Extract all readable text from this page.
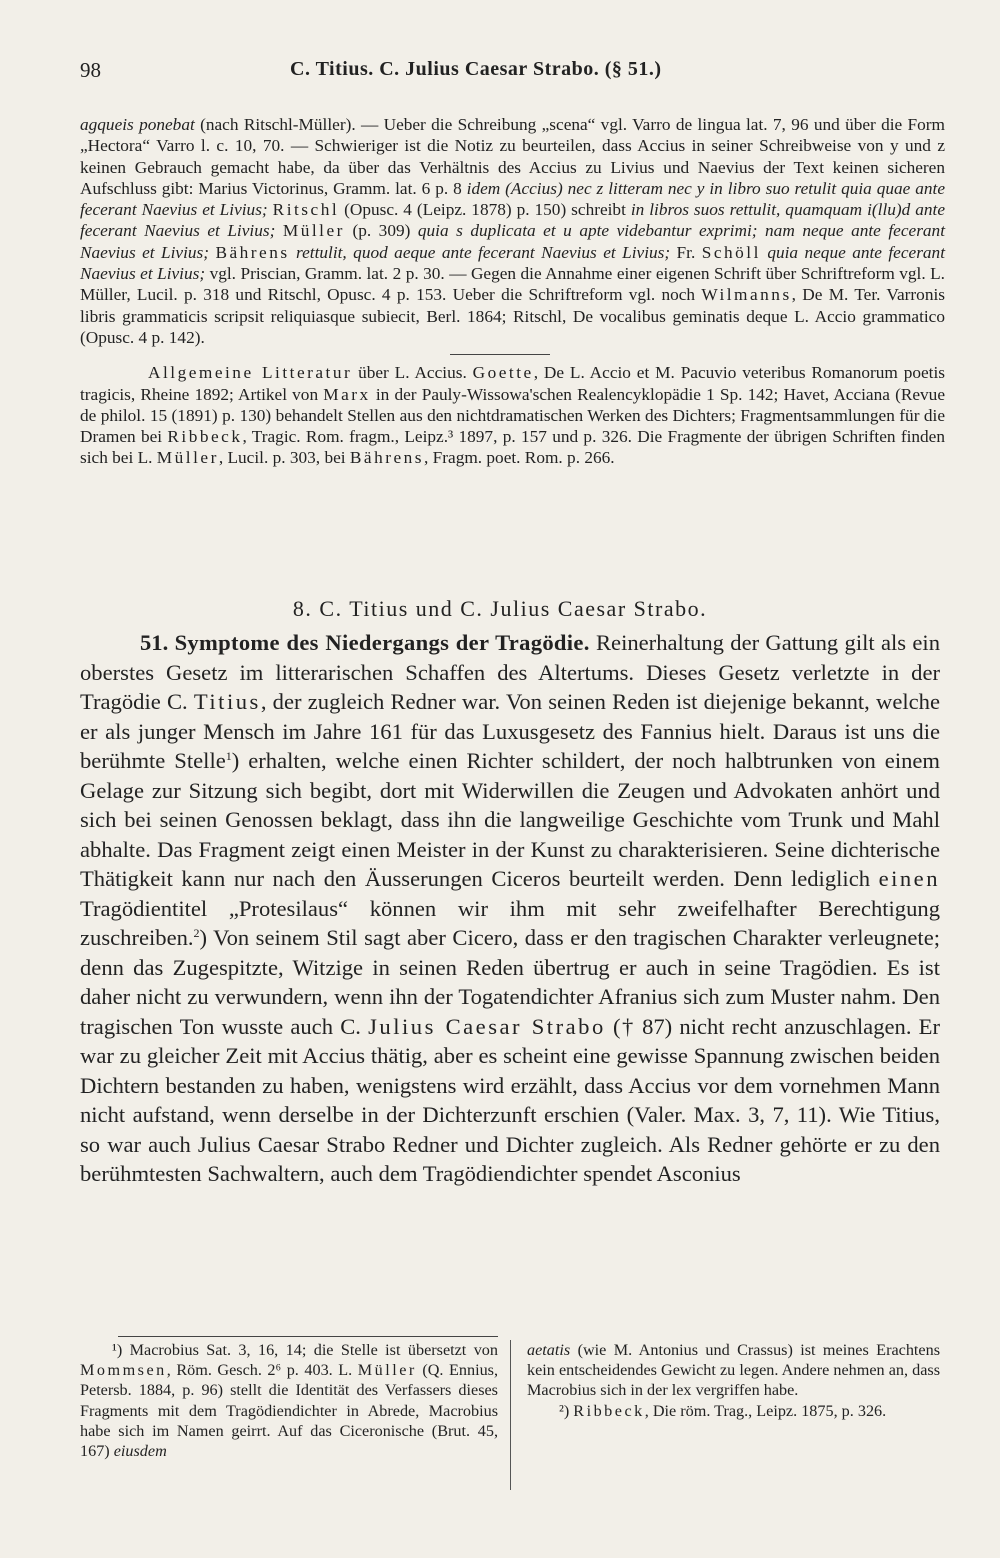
98	C. Titius. C. Julius Caesar Strabo. (§ 51.)

agqueis ponebat (nach Ritschl-Müller). — Ueber die Schreibung „scena“ vgl. Varro de lingua lat. 7, 96 und über die Form „Hectora“ Varro l. c. 10, 70. — Schwieriger ist die Notiz zu beurteilen, dass Accius in seiner Schreibweise von y und z keinen Gebrauch gemacht habe, da über das Verhältnis des Accius zu Livius und Naevius der Text keinen sicheren Aufschluss gibt: Marius Victorinus, Gramm. lat. 6 p. 8 idem (Accius) nec z litteram nec y in libro suo retulit quia quae ante fecerant Naevius et Livius; Ritschl (Opusc. 4 (Leipz. 1878) p. 150) schreibt in libros suos rettulit, quamquam i(llu)d ante fecerant Naevius et Livius; Müller (p. 309) quia s duplicata et u apte videbantur exprimi; nam neque ante fecerant Naevius et Livius; Bährens rettulit, quod aeque ante fecerant Naevius et Livius; Fr. Schöll quia neque ante fecerant Naevius et Livius; vgl. Priscian, Gramm. lat. 2 p. 30. — Gegen die Annahme einer eigenen Schrift über Schriftreform vgl. L. Müller, Lucil. p. 318 und Ritschl, Opusc. 4 p. 153. Ueber die Schriftreform vgl. noch Wilmanns, De M. Ter. Varronis libris grammaticis scripsit reliquiasque subiecit, Berl. 1864; Ritschl, De vocalibus geminatis deque L. Accio grammatico (Opusc. 4 p. 142).

Allgemeine Litteratur über L. Accius. Goette, De L. Accio et M. Pacuvio veteribus Romanorum poetis tragicis, Rheine 1892; Artikel von Marx in der Pauly-Wissowa'schen Realencyklopädie 1 Sp. 142; Havet, Acciana (Revue de philol. 15 (1891) p. 130) behandelt Stellen aus den nichtdramatischen Werken des Dichters; Fragmentsammlungen für die Dramen bei Ribbeck, Tragic. Rom. fragm., Leipz.³ 1897, p. 157 und p. 326. Die Fragmente der übrigen Schriften finden sich bei L. Müller, Lucil. p. 303, bei Bährens, Fragm. poet. Rom. p. 266.

8. C. Titius und C. Julius Caesar Strabo.

51. Symptome des Niedergangs der Tragödie. Reinerhaltung der Gattung gilt als ein oberstes Gesetz im litterarischen Schaffen des Altertums. Dieses Gesetz verletzte in der Tragödie C. Titius, der zugleich Redner war. Von seinen Reden ist diejenige bekannt, welche er als junger Mensch im Jahre 161 für das Luxusgesetz des Fannius hielt. Daraus ist uns die berühmte Stelle$^1$) erhalten, welche einen Richter schildert, der noch halbtrunken von einem Gelage zur Sitzung sich begibt, dort mit Widerwillen die Zeugen und Advokaten anhört und sich bei seinen Genossen beklagt, dass ihn die langweilige Geschichte vom Trunk und Mahl abhalte. Das Fragment zeigt einen Meister in der Kunst zu charakterisieren. Seine dichterische Thätigkeit kann nur nach den Äusserungen Ciceros beurteilt werden. Denn lediglich einen Tragödientitel „Protesilaus“ können wir ihm mit sehr zweifelhafter Berechtigung zuschreiben.$^2$) Von seinem Stil sagt aber Cicero, dass er den tragischen Charakter verleugnete; denn das Zugespitzte, Witzige in seinen Reden übertrug er auch in seine Tragödien. Es ist daher nicht zu verwundern, wenn ihn der Togatendichter Afranius sich zum Muster nahm. Den tragischen Ton wusste auch C. Julius Caesar Strabo († 87) nicht recht anzuschlagen. Er war zu gleicher Zeit mit Accius thätig, aber es scheint eine gewisse Spannung zwischen beiden Dichtern bestanden zu haben, wenigstens wird erzählt, dass Accius vor dem vornehmen Mann nicht aufstand, wenn derselbe in der Dichterzunft erschien (Valer. Max. 3, 7, 11). Wie Titius, so war auch Julius Caesar Strabo Redner und Dichter zugleich. Als Redner gehörte er zu den berühmtesten Sachwaltern, auch dem Tragödiendichter spendet Asconius

¹) Macrobius Sat. 3, 16, 14; die Stelle ist übersetzt von Mommsen, Röm. Gesch. 2⁶ p. 403. L. Müller (Q. Ennius, Petersb. 1884, p. 96) stellt die Identität des Verfassers dieses Fragments mit dem Tragödiendichter in Abrede, Macrobius habe sich im Namen geirrt. Auf das Ciceronische (Brut. 45, 167) eiusdem

aetatis (wie M. Antonius und Crassus) ist meines Erachtens kein entscheidendes Gewicht zu legen. Andere nehmen an, dass Macrobius sich in der lex vergriffen habe.

²) Ribbeck, Die röm. Trag., Leipz. 1875, p. 326.
